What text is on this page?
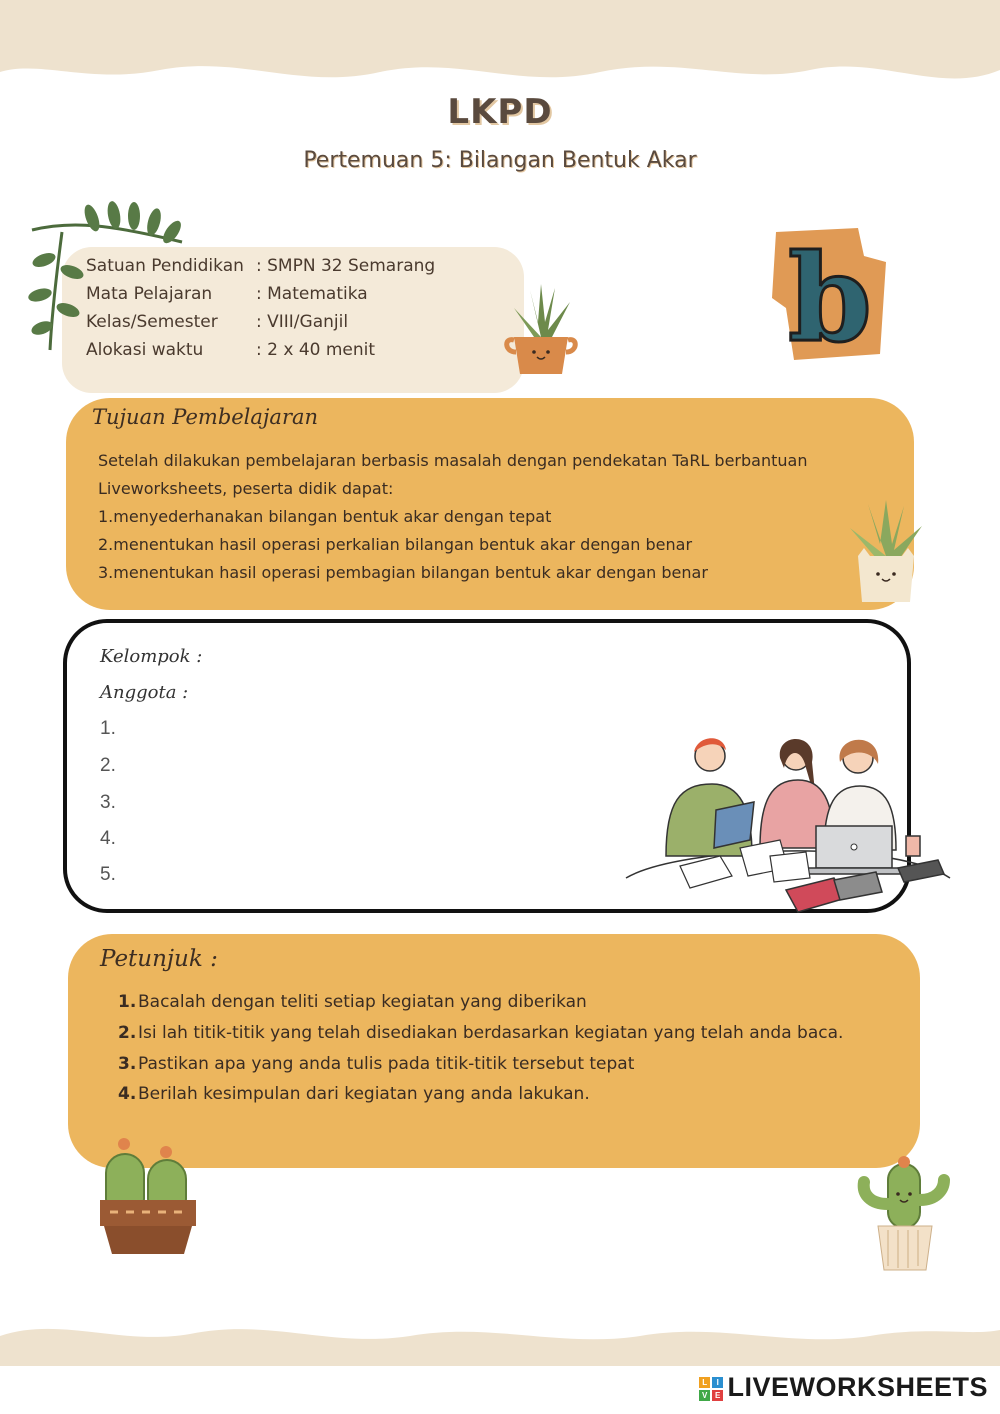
LKPD
Pertemuan 5: Bilangan Bentuk Akar
Satuan Pendidikan : SMPN 32 Semarang
Mata Pelajaran	: Matematika
Kelas/Semester : VIII/Ganjil
Alokasi waktu	: 2 x 40 menit	b
Tujuan Pembelajaran
Setelah dilakukan pembelajaran berbasis masalah dengan pendekatan TaRL berbantuan
Liveworksheets, peserta didik dapat:
1.menyederhanakan bilangan bentuk akar dengan tepat
2.menentukan hasil operasi perkalian bilangan bentuk akar dengan benar
3.menentukan hasil operasi pembagian bilangan bentuk akar dengan benar
Kelompok :
Anggota :
1.
2.
3.
4.
5.
Petunjuk :
1. Bacalah dengan teliti setiap kegiatan yang diberikan
2. Isi lah titik-titik yang telah disediakan berdasarkan kegiatan yang telah anda baca.
3. Pastikan apa yang anda tulis pada titik-titik tersebut tepat
4. Berilah kesimpulan dari kegiatan yang anda lakukan.
L	I
V E LIVEWORKSHEETS
